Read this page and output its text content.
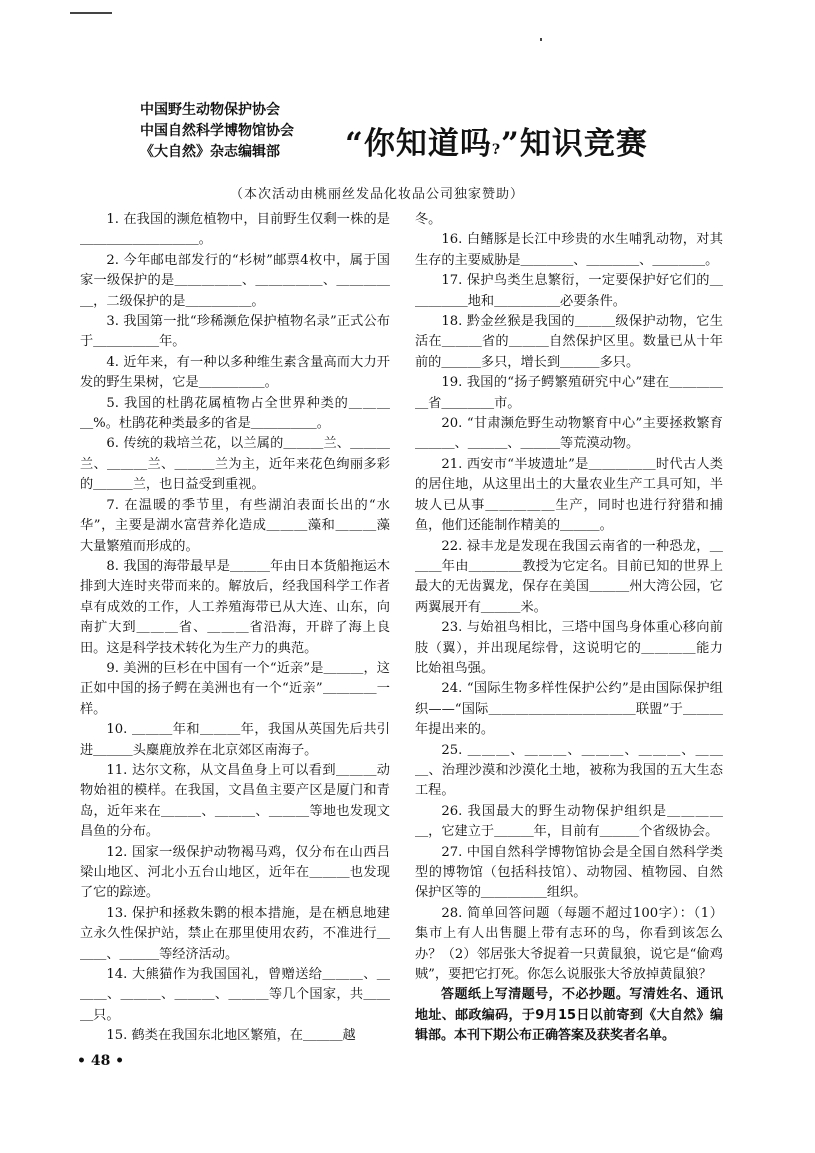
中国野生动物保护协会
中国自然科学博物馆协会
《大自然》杂志编辑部	“你知道吗?”知识竞赛
（本次活动由桃丽丝发品化妆品公司独家赞助）

1. 在我国的濒危植物中，目前野生仅剩一株的是＿＿＿＿＿＿＿＿＿。

2. 今年邮电部发行的“杉树”邮票4枚中，属于国家一级保护的是＿＿＿＿＿、＿＿＿＿＿、＿＿＿＿＿，二级保护的是＿＿＿＿＿。

3. 我国第一批“珍稀濒危保护植物名录”正式公布于＿＿＿＿＿年。

4. 近年来，有一种以多种维生素含量高而大力开发的野生果树，它是＿＿＿＿＿。

5. 我国的杜鹃花属植物占全世界种类的＿＿＿＿%。杜鹃花种类最多的省是＿＿＿＿＿。

6. 传统的栽培兰花，以兰属的＿＿＿兰、＿＿＿兰、＿＿＿兰、＿＿＿兰为主，近年来花色绚丽多彩的＿＿＿兰，也日益受到重视。

7. 在温暖的季节里，有些湖泊表面长出的“水华”，主要是湖水富营养化造成＿＿＿藻和＿＿＿藻大量繁殖而形成的。

8. 我国的海带最早是＿＿＿年由日本货船拖运木排到大连时夹带而来的。解放后，经我国科学工作者卓有成效的工作，人工养殖海带已从大连、山东，向南扩大到＿＿＿省、＿＿＿省沿海，开辟了海上良田。这是科学技术转化为生产力的典范。

9. 美洲的巨杉在中国有一个“近亲”是＿＿＿，这正如中国的扬子鳄在美洲也有一个“近亲”＿＿＿＿一样。

10. ＿＿＿年和＿＿＿年，我国从英国先后共引进＿＿＿头麋鹿放养在北京郊区南海子。

11. 达尔文称，从文昌鱼身上可以看到＿＿＿动物始祖的模样。在我国，文昌鱼主要产区是厦门和青岛，近年来在＿＿＿、＿＿＿、＿＿＿等地也发现文昌鱼的分布。

12. 国家一级保护动物褐马鸡，仅分布在山西吕梁山地区、河北小五台山地区，近年在＿＿＿也发现了它的踪迹。

13. 保护和拯救朱鹮的根本措施，是在栖息地建立永久性保护站，禁止在那里使用农药，不准进行＿＿＿、＿＿＿等经济活动。

14. 大熊猫作为我国国礼，曾赠送给＿＿＿、＿＿＿、＿＿＿、＿＿＿、＿＿＿等几个国家，共＿＿＿只。

15. 鹤类在我国东北地区繁殖，在＿＿＿越

冬。

16. 白鳍豚是长江中珍贵的水生哺乳动物，对其生存的主要威胁是＿＿＿＿、＿＿＿＿、＿＿＿＿。

17. 保护鸟类生息繁衍，一定要保护好它们的＿＿＿＿＿地和＿＿＿＿＿必要条件。

18. 黔金丝猴是我国的＿＿＿级保护动物，它生活在＿＿＿省的＿＿＿自然保护区里。数量已从十年前的＿＿＿多只，增长到＿＿＿多只。

19. 我国的“扬子鳄繁殖研究中心”建在＿＿＿＿＿省＿＿＿＿市。

20. “甘肃濒危野生动物繁育中心”主要拯救繁育＿＿＿、＿＿＿、＿＿＿等荒漠动物。

21. 西安市“半坡遗址”是＿＿＿＿＿时代古人类的居住地，从这里出土的大量农业生产工具可知，半坡人已从事＿＿＿＿＿生产，同时也进行狩猎和捕鱼，他们还能制作精美的＿＿＿。

22. 禄丰龙是发现在我国云南省的一种恐龙，＿＿＿年由＿＿＿＿教授为它定名。目前已知的世界上最大的无齿翼龙，保存在美国＿＿＿州大湾公园，它两翼展开有＿＿＿米。

23. 与始祖鸟相比，三塔中国鸟身体重心移向前肢（翼），并出现尾综骨，这说明它的＿＿＿＿能力比始祖鸟强。

24. “国际生物多样性保护公约”是由国际保护组织——“国际＿＿＿＿＿＿＿＿＿＿＿联盟”于＿＿＿年提出来的。

25. ＿＿＿、＿＿＿、＿＿＿、＿＿＿、＿＿＿、治理沙漠和沙漠化土地，被称为我国的五大生态工程。

26. 我国最大的野生动物保护组织是＿＿＿＿＿，它建立于＿＿＿年，目前有＿＿＿个省级协会。

27. 中国自然科学博物馆协会是全国自然科学类型的博物馆（包括科技馆）、动物园、植物园、自然保护区等的＿＿＿＿＿组织。

28. 简单回答问题（每题不超过100字）：（1）集市上有人出售腿上带有志环的鸟，你看到该怎么办？（2）邻居张大爷捉着一只黄鼠狼，说它是“偷鸡贼”，要把它打死。你怎么说服张大爷放掉黄鼠狼？

答题纸上写清题号，不必抄题。写清姓名、通讯地址、邮政编码，于9月15日以前寄到《大自然》编辑部。本刊下期公布正确答案及获奖者名单。

• 48 •
